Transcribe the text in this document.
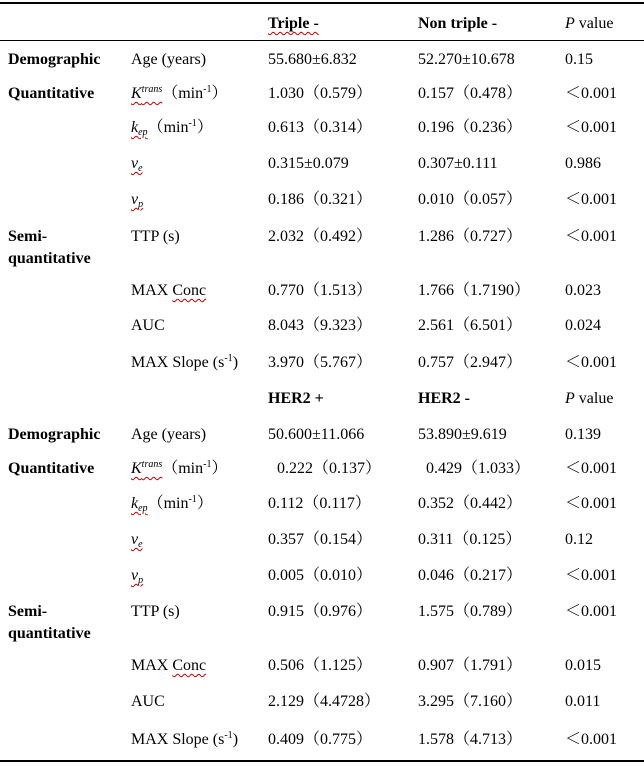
Triple -	Non triple -	P value
Demographic Age (years)	55.680±6.832	52.270±10.678	0.15
Quantitative $K^{trans}(\min^{-1})$	1.030（0.579）	0.157（0.478）	＜0.001
$k_{ep}(\min^{-1})$	0.613（0.314）	0.196（0.236）	＜0.001
$v_e$	0.315±0.079	0.307±0.111	0.986
$v_p$	0.186（0.321）	0.010（0.057）	＜0.001
Semi-quantitative
TTP (s)	2.032（0.492）	1.286（0.727）	＜0.001
MAX Conc	0.770（1.513）	1.766（1.7190） 0.023
AUC	8.043（9.323）	2.561（6.501）	0.024
MAX Slope $(s^{-1})$ 3.970（5.767）	0.757（2.947）	＜0.001
HER2 +	HER2 -	P value
Demographic Age (years)	50.600±11.066	53.890±9.619	0.139
Quantitative $K^{trans}(\min^{-1})$	0.222（0.137）	0.429（1.033） ＜0.001
$k_{ep}(\min^{-1})$	0.112（0.117）	0.352（0.442）	＜0.001
$v_e$	0.357（0.154）	0.311（0.125）	0.12
$v_p$	0.005（0.010）	0.046（0.217）	＜0.001
Semi-quantitative
TTP (s)	0.915（0.976）	1.575（0.789）	＜0.001
MAX Conc	0.506（1.125）	0.907（1.791）	0.015
AUC	2.129（4.4728） 3.295（7.160）	0.011
MAX Slope $(s^{-1})$ 0.409（0.775）	1.578（4.713）	＜0.001
